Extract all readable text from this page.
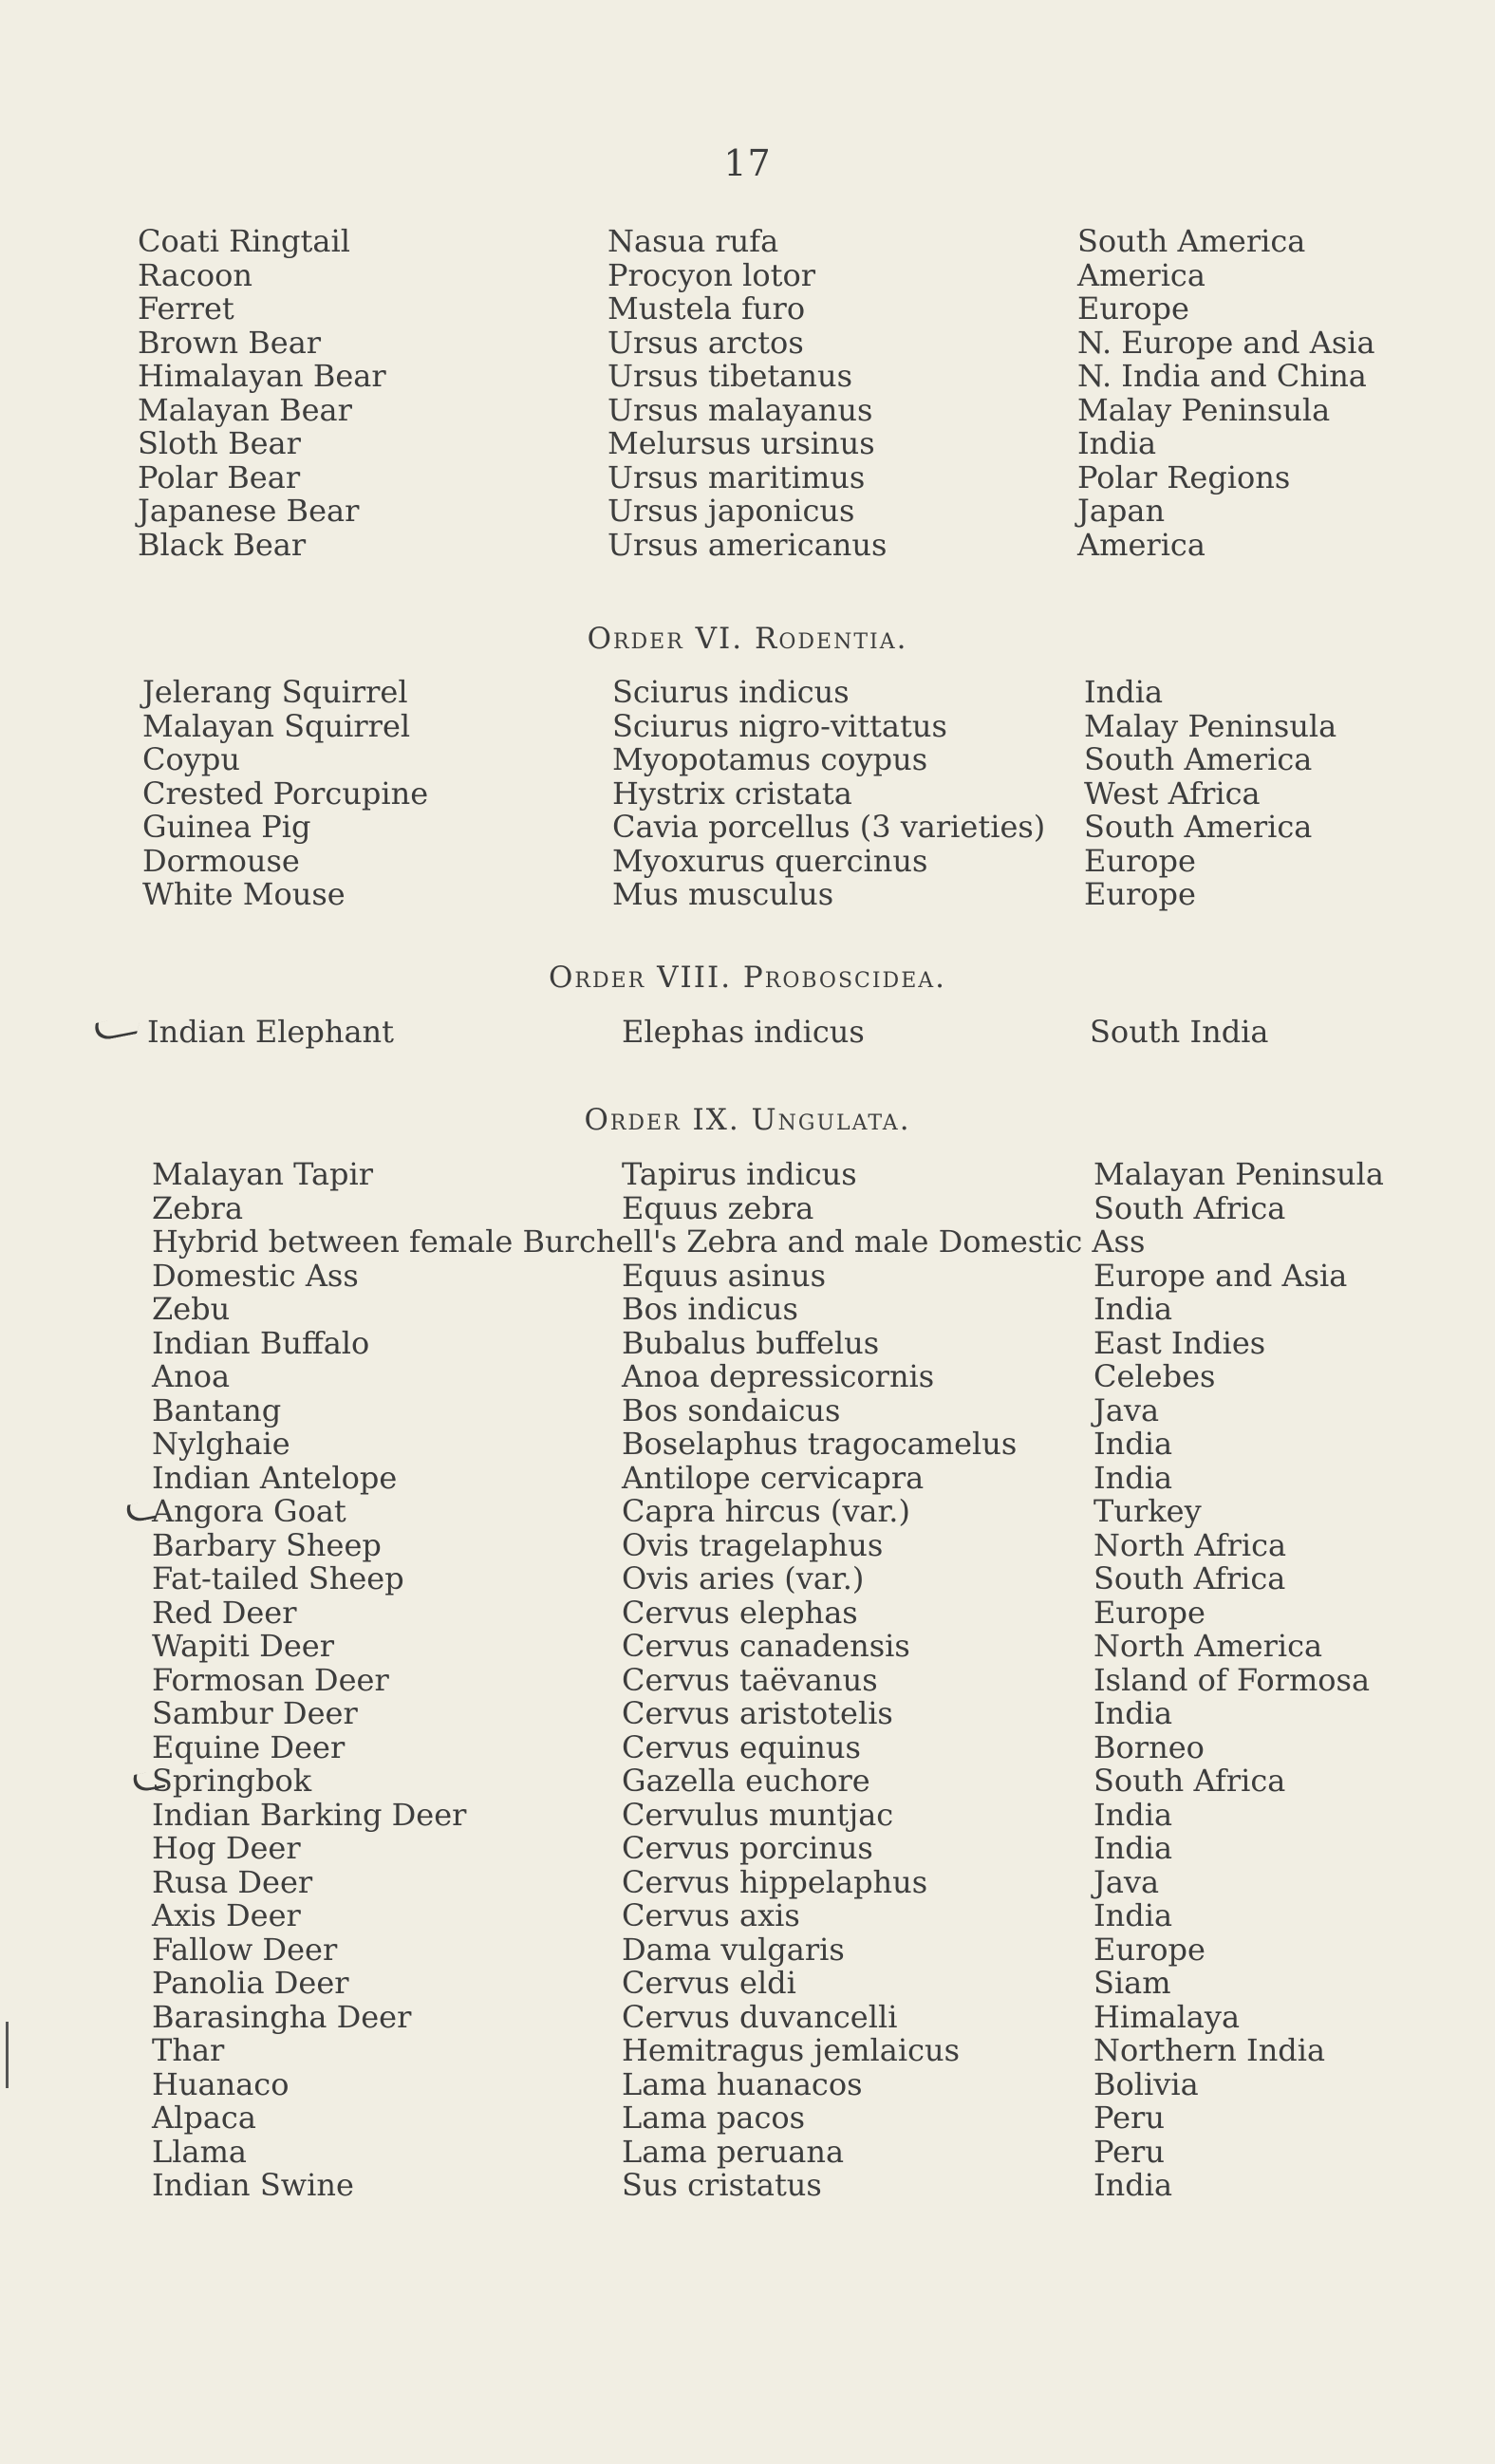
17
Coati Ringtail	Nasua rufa	South America
Racoon	Procyon lotor	America
Ferret	Mustela furo	Europe
Brown Bear	Ursus arctos	N. Europe and Asia
Himalayan Bear	Ursus tibetanus	N. India and China
Malayan Bear	Ursus malayanus	Malay Peninsula
Sloth Bear	Melursus ursinus	India
Polar Bear	Ursus maritimus	Polar Regions
Japanese Bear	Ursus japonicus	Japan
Black Bear	Ursus americanus	America
Order VI. Rodentia.
Jelerang Squirrel	Sciurus indicus	India
Malayan Squirrel	Sciurus nigro-vittatus	Malay Peninsula
Coypu	Myopotamus coypus	South America
Crested Porcupine	Hystrix cristata	West Africa
Guinea Pig	Cavia porcellus (3 varieties) South America
Dormouse	Myoxurus quercinus	Europe
White Mouse	Mus musculus	Europe
Order VIII. Proboscidea.
Indian Elephant	Elephas indicus	South India
Order IX. Ungulata.
Malayan Tapir	Tapirus indicus	Malayan Peninsula
Zebra	Equus zebra	South Africa
Hybrid between female Burchell's Zebra and male Domestic Ass
Domestic Ass	Equus asinus	Europe and Asia
Zebu	Bos indicus	India
Indian Buffalo	Bubalus buffelus	East Indies
Anoa	Anoa depressicornis	Celebes
Bantang	Bos sondaicus	Java
Nylghaie	Boselaphus tragocamelus	India
Indian Antelope	Antilope cervicapra	India
Angora Goat	Capra hircus (var.)	Turkey
Barbary Sheep	Ovis tragelaphus	North Africa
Fat-tailed Sheep	Ovis aries (var.)	South Africa
Red Deer	Cervus elephas	Europe
Wapiti Deer	Cervus canadensis	North America
Formosan Deer	Cervus taëvanus	Island of Formosa
Sambur Deer	Cervus aristotelis	India
Equine Deer	Cervus equinus	Borneo
Springbok	Gazella euchore	South Africa
Indian Barking Deer	Cervulus muntjac	India
Hog Deer	Cervus porcinus	India
Rusa Deer	Cervus hippelaphus	Java
Axis Deer	Cervus axis	India
Fallow Deer	Dama vulgaris	Europe
Panolia Deer	Cervus eldi	Siam
Barasingha Deer	Cervus duvancelli	Himalaya
Thar	Hemitragus jemlaicus	Northern India
Huanaco	Lama huanacos	Bolivia
Alpaca	Lama pacos	Peru
Llama	Lama peruana	Peru
Indian Swine	Sus cristatus	India
